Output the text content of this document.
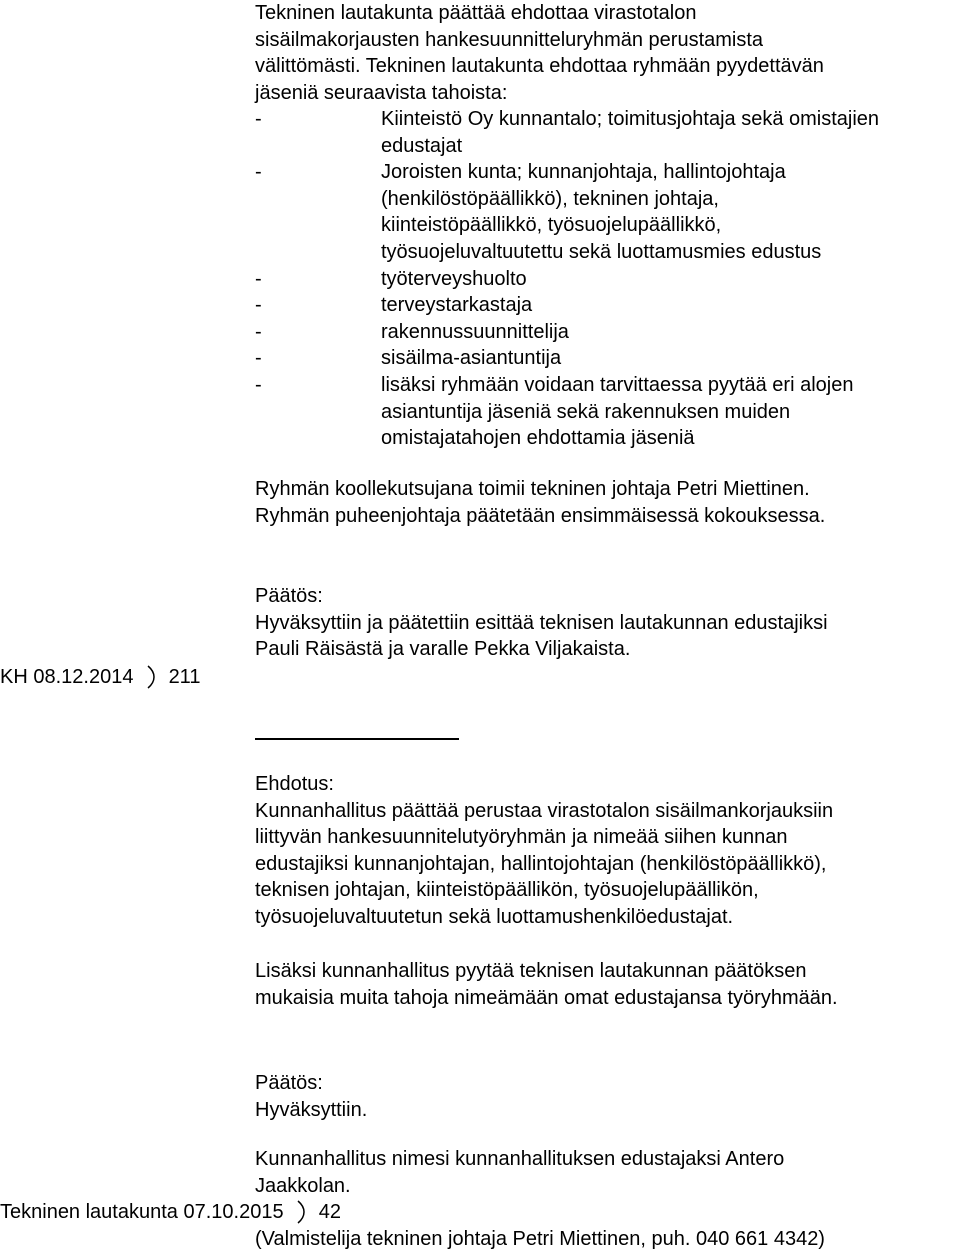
Tekninen lautakunta päättää ehdottaa virastotalon
sisäilmakorjausten hankesuunnitteluryhmän perustamista
välittömästi. Tekninen lautakunta ehdottaa ryhmään pyydettävän
jäseniä seuraavista tahoista:
-	Kiinteistö Oy kunnantalo; toimitusjohtaja sekä omistajien
edustajat
-	Joroisten kunta; kunnanjohtaja, hallintojohtaja
(henkilöstöpäällikkö), tekninen johtaja,
kiinteistöpäällikkö, työsuojelupäällikkö,
työsuojeluvaltuutettu sekä luottamusmies edustus
-	työterveyshuolto
-	terveystarkastaja
-	rakennussuunnittelija
-	sisäilma-asiantuntija
-	lisäksi ryhmään voidaan tarvittaessa pyytää eri alojen
asiantuntija jäseniä sekä rakennuksen muiden
omistajatahojen ehdottamia jäseniä
Ryhmän koollekutsujana toimii tekninen johtaja Petri Miettinen.
Ryhmän puheenjohtaja päätetään ensimmäisessä kokouksessa.
Päätös:
Hyväksyttiin ja päätettiin esittää teknisen lautakunnan edustajiksi
Pauli Räisästä ja varalle Pekka Viljakaista.
KH 08.12.2014 211
Ehdotus:
Kunnanhallitus päättää perustaa virastotalon sisäilmankorjauksiin
liittyvän hankesuunnitelutyöryhmän ja nimeää siihen kunnan
edustajiksi kunnanjohtajan, hallintojohtajan (henkilöstöpäällikkö),
teknisen johtajan, kiinteistöpäällikön, työsuojelupäällikön,
työsuojeluvaltuutetun sekä luottamushenkilöedustajat.
Lisäksi kunnanhallitus pyytää teknisen lautakunnan päätöksen
mukaisia muita tahoja nimeämään omat edustajansa työryhmään.
Päätös:
Hyväksyttiin.
Kunnanhallitus nimesi kunnanhallituksen edustajaksi Antero
Jaakkolan.
Tekninen lautakunta 07.10.2015 42
(Valmistelija tekninen johtaja Petri Miettinen, puh. 040 661 4342)
